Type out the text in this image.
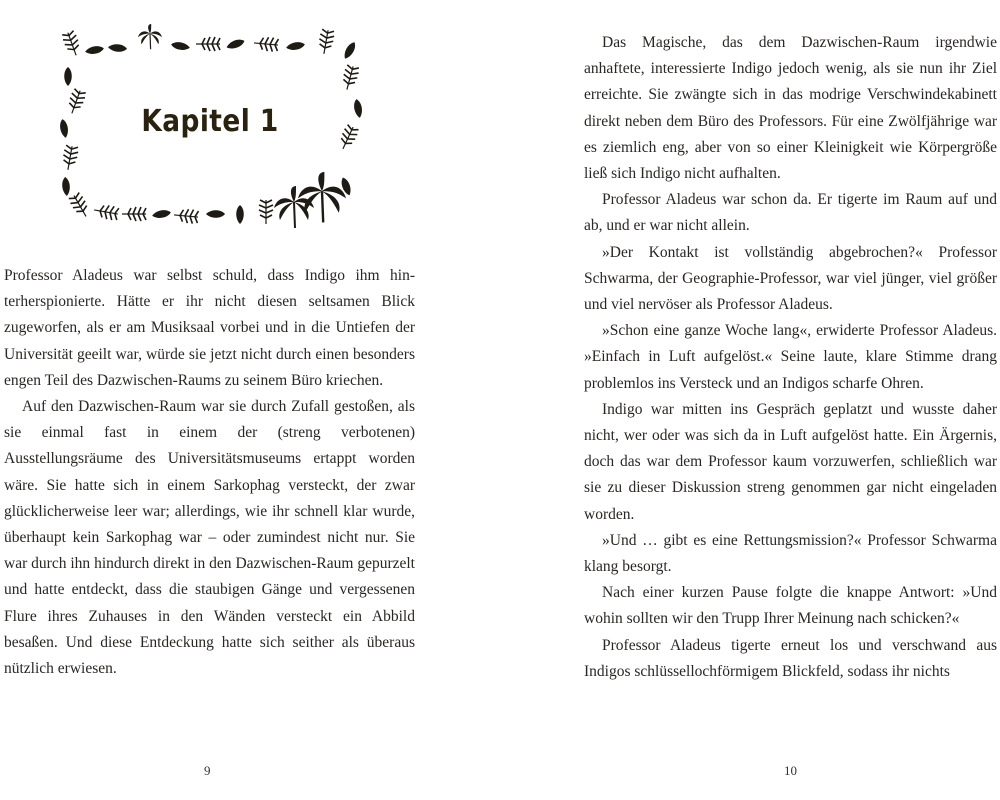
Kapitel 1

Professor Aladeus war selbst schuld, dass Indigo ihm hinterherspionierte. Hätte er ihr nicht diesen seltsamen Blick zugeworfen, als er am Musiksaal vorbei und in die Untiefen der Universität geeilt war, würde sie jetzt nicht durch einen besonders engen Teil des Dazwischen-Raums zu seinem Büro kriechen.

Auf den Dazwischen-Raum war sie durch Zufall gestoßen, als sie einmal fast in einem der (streng verbotenen) Ausstellungsräume des Universitätsmuseums ertappt worden wäre. Sie hatte sich in einem Sarkophag versteckt, der zwar glücklicherweise leer war; allerdings, wie ihr schnell klar wurde, überhaupt kein Sarkophag war – oder zumindest nicht nur. Sie war durch ihn hindurch direkt in den Dazwischen-Raum gepurzelt und hatte entdeckt, dass die staubigen Gänge und vergessenen Flure ihres Zuhauses in den Wänden versteckt ein Abbild besaßen. Und diese Entdeckung hatte sich seither als überaus nützlich erwiesen.

9

Das Magische, das dem Dazwischen-Raum irgendwie anhaftete, interessierte Indigo jedoch wenig, als sie nun ihr Ziel erreichte. Sie zwängte sich in das modrige Verschwindekabinett direkt neben dem Büro des Professors. Für eine Zwölfjährige war es ziemlich eng, aber von so einer Kleinigkeit wie Körpergröße ließ sich Indigo nicht aufhalten.

Professor Aladeus war schon da. Er tigerte im Raum auf und ab, und er war nicht allein.

»Der Kontakt ist vollständig abgebrochen?« Professor Schwarma, der Geographie-Professor, war viel jünger, viel größer und viel nervöser als Professor Aladeus.

»Schon eine ganze Woche lang«, erwiderte Professor Aladeus. »Einfach in Luft aufgelöst.« Seine laute, klare Stimme drang problemlos ins Versteck und an Indigos scharfe Ohren.

Indigo war mitten ins Gespräch geplatzt und wusste daher nicht, wer oder was sich da in Luft aufgelöst hatte. Ein Ärgernis, doch das war dem Professor kaum vorzuwerfen, schließlich war sie zu dieser Diskussion streng genommen gar nicht eingeladen worden.

»Und … gibt es eine Rettungsmission?« Professor Schwarma klang besorgt.

Nach einer kurzen Pause folgte die knappe Antwort: »Und wohin sollten wir den Trupp Ihrer Meinung nach schicken?«

Professor Aladeus tigerte erneut los und verschwand aus Indigos schlüssellochförmigem Blickfeld, sodass ihr nichts

10
